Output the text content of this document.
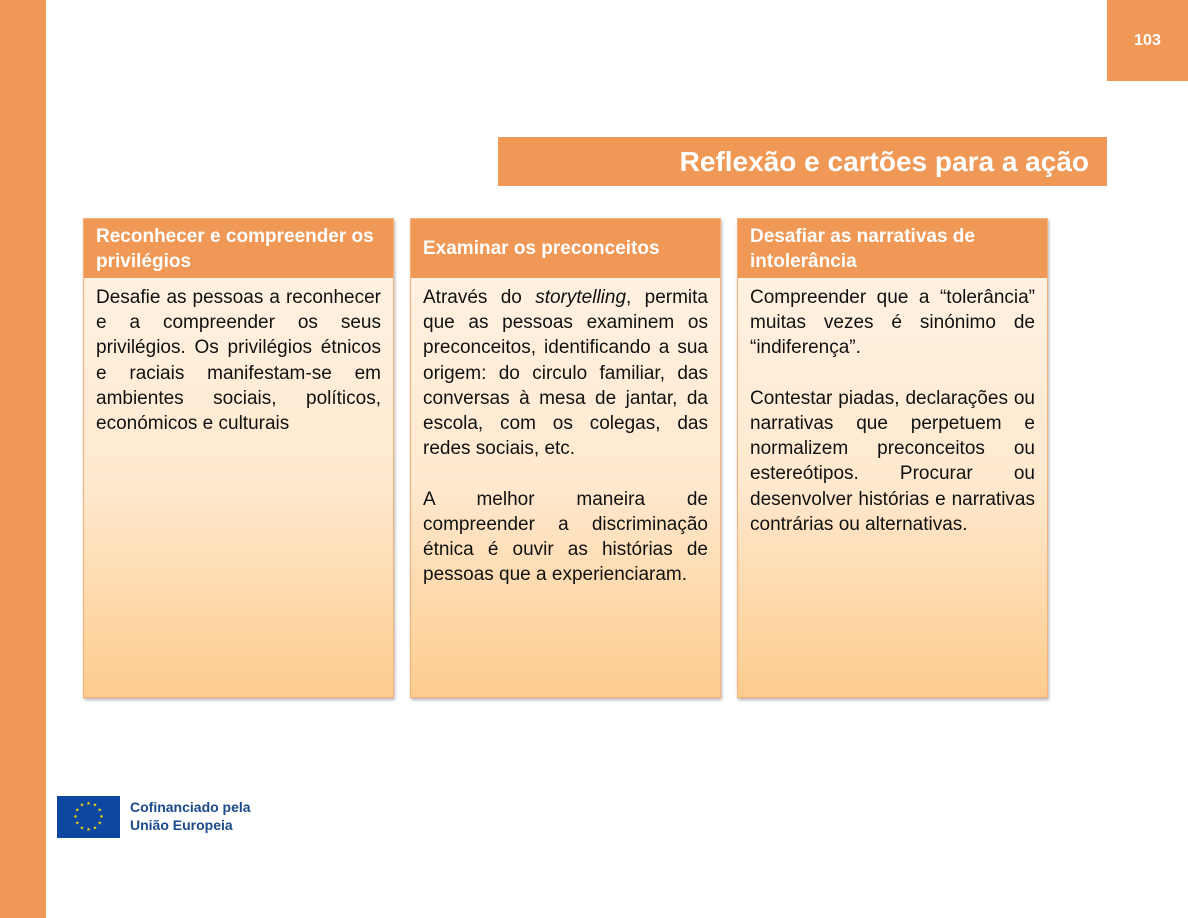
103
Reflexão e cartões para a ação
Reconhecer e compreender os privilégios

Desafie as pessoas a reconhecer e a compreender os seus privilégios. Os privilégios étnicos e raciais manifestam-se em ambientes sociais, políticos, económicos e culturais

Examinar os preconceitos

Através do storytelling, permita que as pessoas examinem os preconceitos, identificando a sua origem: do circulo familiar, das conversas à mesa de jantar, da escola, com os colegas, das redes sociais, etc.

A melhor maneira de compreender a discriminação étnica é ouvir as histórias de pessoas que a experienciaram.

Desafiar as narrativas de intolerância

Compreender que a “tolerância” muitas vezes é sinónimo de “indiferença”.

Contestar piadas, declarações ou narrativas que perpetuem e normalizem preconceitos ou estereótipos. Procurar ou desenvolver histórias e narrativas contrárias ou alternativas.

★ ★
★
★
★
★
★
★
★
★
★
★	Cofinanciado pela
União Europeia
